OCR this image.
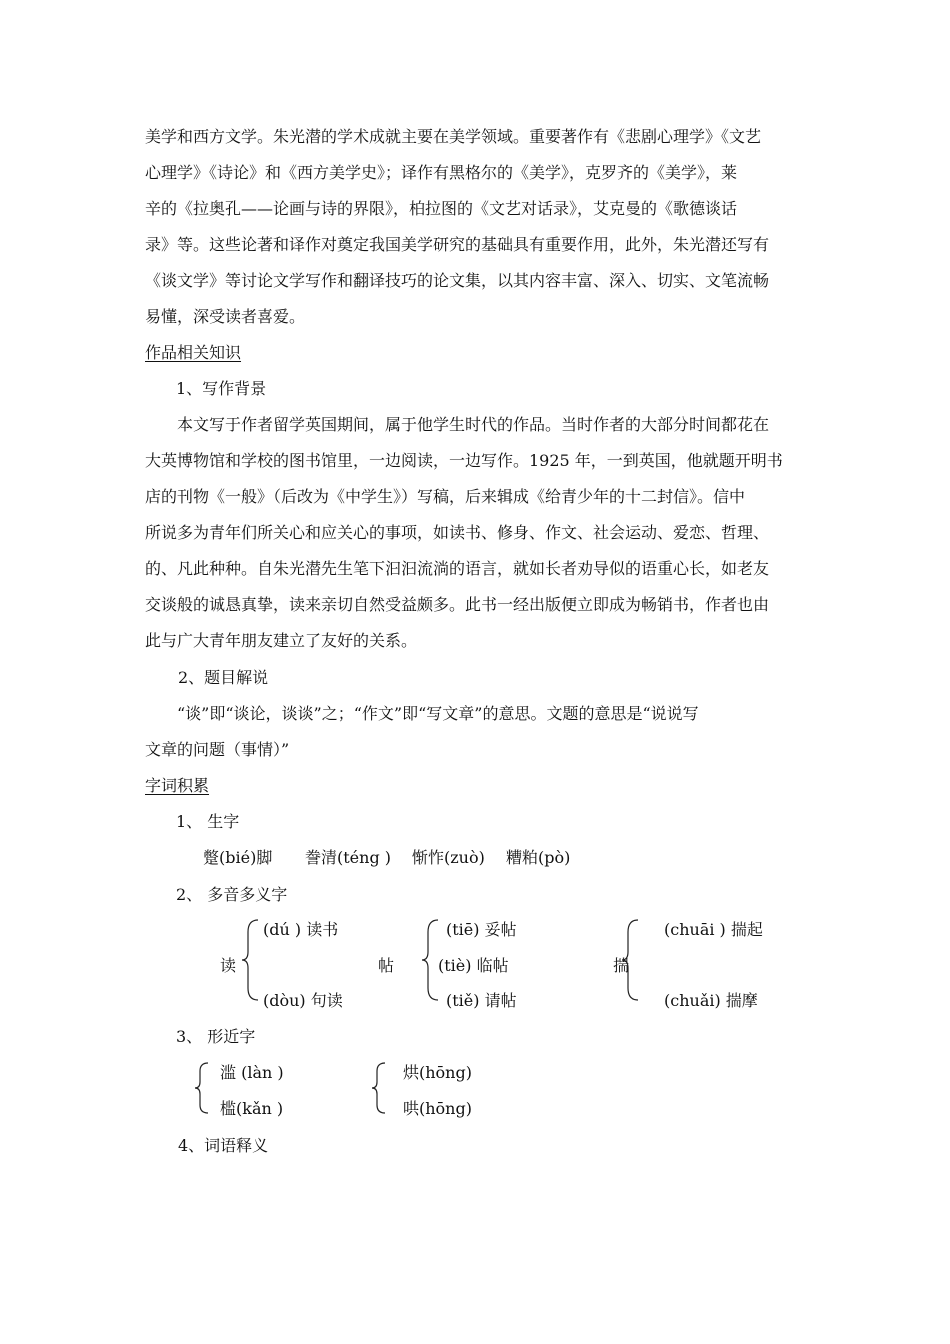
美学和西方文学。朱光潜的学术成就主要在美学领域。重要著作有《悲剧心理学》《文艺
心理学》《诗论》和《西方美学史》；译作有黑格尔的《美学》，克罗齐的《美学》，莱
辛的《拉奥孔——论画与诗的界限》，柏拉图的《文艺对话录》，艾克曼的《歌德谈话
录》等。这些论著和译作对奠定我国美学研究的基础具有重要作用，此外，朱光潜还写有
《谈文学》等讨论文学写作和翻译技巧的论文集，以其内容丰富、深入、切实、文笔流畅
易懂，深受读者喜爱。
作品相关知识
1、写作背景
本文写于作者留学英国期间，属于他学生时代的作品。当时作者的大部分时间都花在
大英博物馆和学校的图书馆里，一边阅读，一边写作。1925 年，一到英国，他就题开明书
店的刊物《一般》（后改为《中学生》）写稿，后来辑成《给青少年的十二封信》。信中
所说多为青年们所关心和应关心的事项，如读书、修身、作文、社会运动、爱恋、哲理、
的、凡此种种。自朱光潜先生笔下汩汩流淌的语言，就如长者劝导似的语重心长，如老友
交谈般的诚恳真挚，读来亲切自然受益颇多。此书一经出版便立即成为畅销书，作者也由
此与广大青年朋友建立了友好的关系。
2、题目解说
“谈”即“谈论，谈谈”之；“作文”即“写文章”的意思。文题的意思是“说说写
文章的问题（事情）”
字词积累
1、 生字
蹩(bié)脚 誊清(téng ) 惭怍(zuò) 糟粕(pò)
2、 多音多义字
读
(dú ) 读书
(dòu) 句读
帖
(tiē) 妥帖
(tiè) 临帖
(tiě) 请帖
揣
(chuāi ) 揣起
(chuǎi) 揣摩
3、 形近字
滥 (làn )
槛(kǎn )
烘(hōng)
哄(hōng)
4、词语释义
